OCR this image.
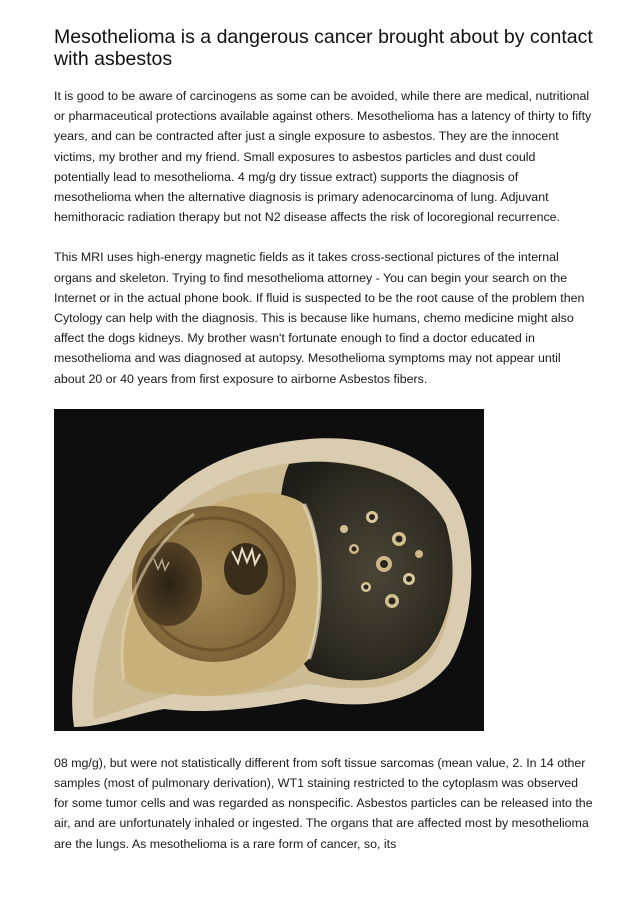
Mesothelioma is a dangerous cancer brought about by contact with asbestos

It is good to be aware of carcinogens as some can be avoided, while there are medical, nutritional or pharmaceutical protections available against others. Mesothelioma has a latency of thirty to fifty years, and can be contracted after just a single exposure to asbestos. They are the innocent victims, my brother and my friend. Small exposures to asbestos particles and dust could potentially lead to mesothelioma. 4 mg/g dry tissue extract) supports the diagnosis of mesothelioma when the alternative diagnosis is primary adenocarcinoma of lung. Adjuvant hemithoracic radiation therapy but not N2 disease affects the risk of locoregional recurrence.

This MRI uses high-energy magnetic fields as it takes cross-sectional pictures of the internal organs and skeleton. Trying to find mesothelioma attorney - You can begin your search on the Internet or in the actual phone book. If fluid is suspected to be the root cause of the problem then Cytology can help with the diagnosis. This is because like humans, chemo medicine might also affect the dogs kidneys. My brother wasn't fortunate enough to find a doctor educated in mesothelioma and was diagnosed at autopsy. Mesothelioma symptoms may not appear until about 20 or 40 years from first exposure to airborne Asbestos fibers.

08 mg/g), but were not statistically different from soft tissue sarcomas (mean value, 2. In 14 other samples (most of pulmonary derivation), WT1 staining restricted to the cytoplasm was observed for some tumor cells and was regarded as nonspecific. Asbestos particles can be released into the air, and are unfortunately inhaled or ingested. The organs that are affected most by mesothelioma are the lungs. As mesothelioma is a rare form of cancer, so, its
